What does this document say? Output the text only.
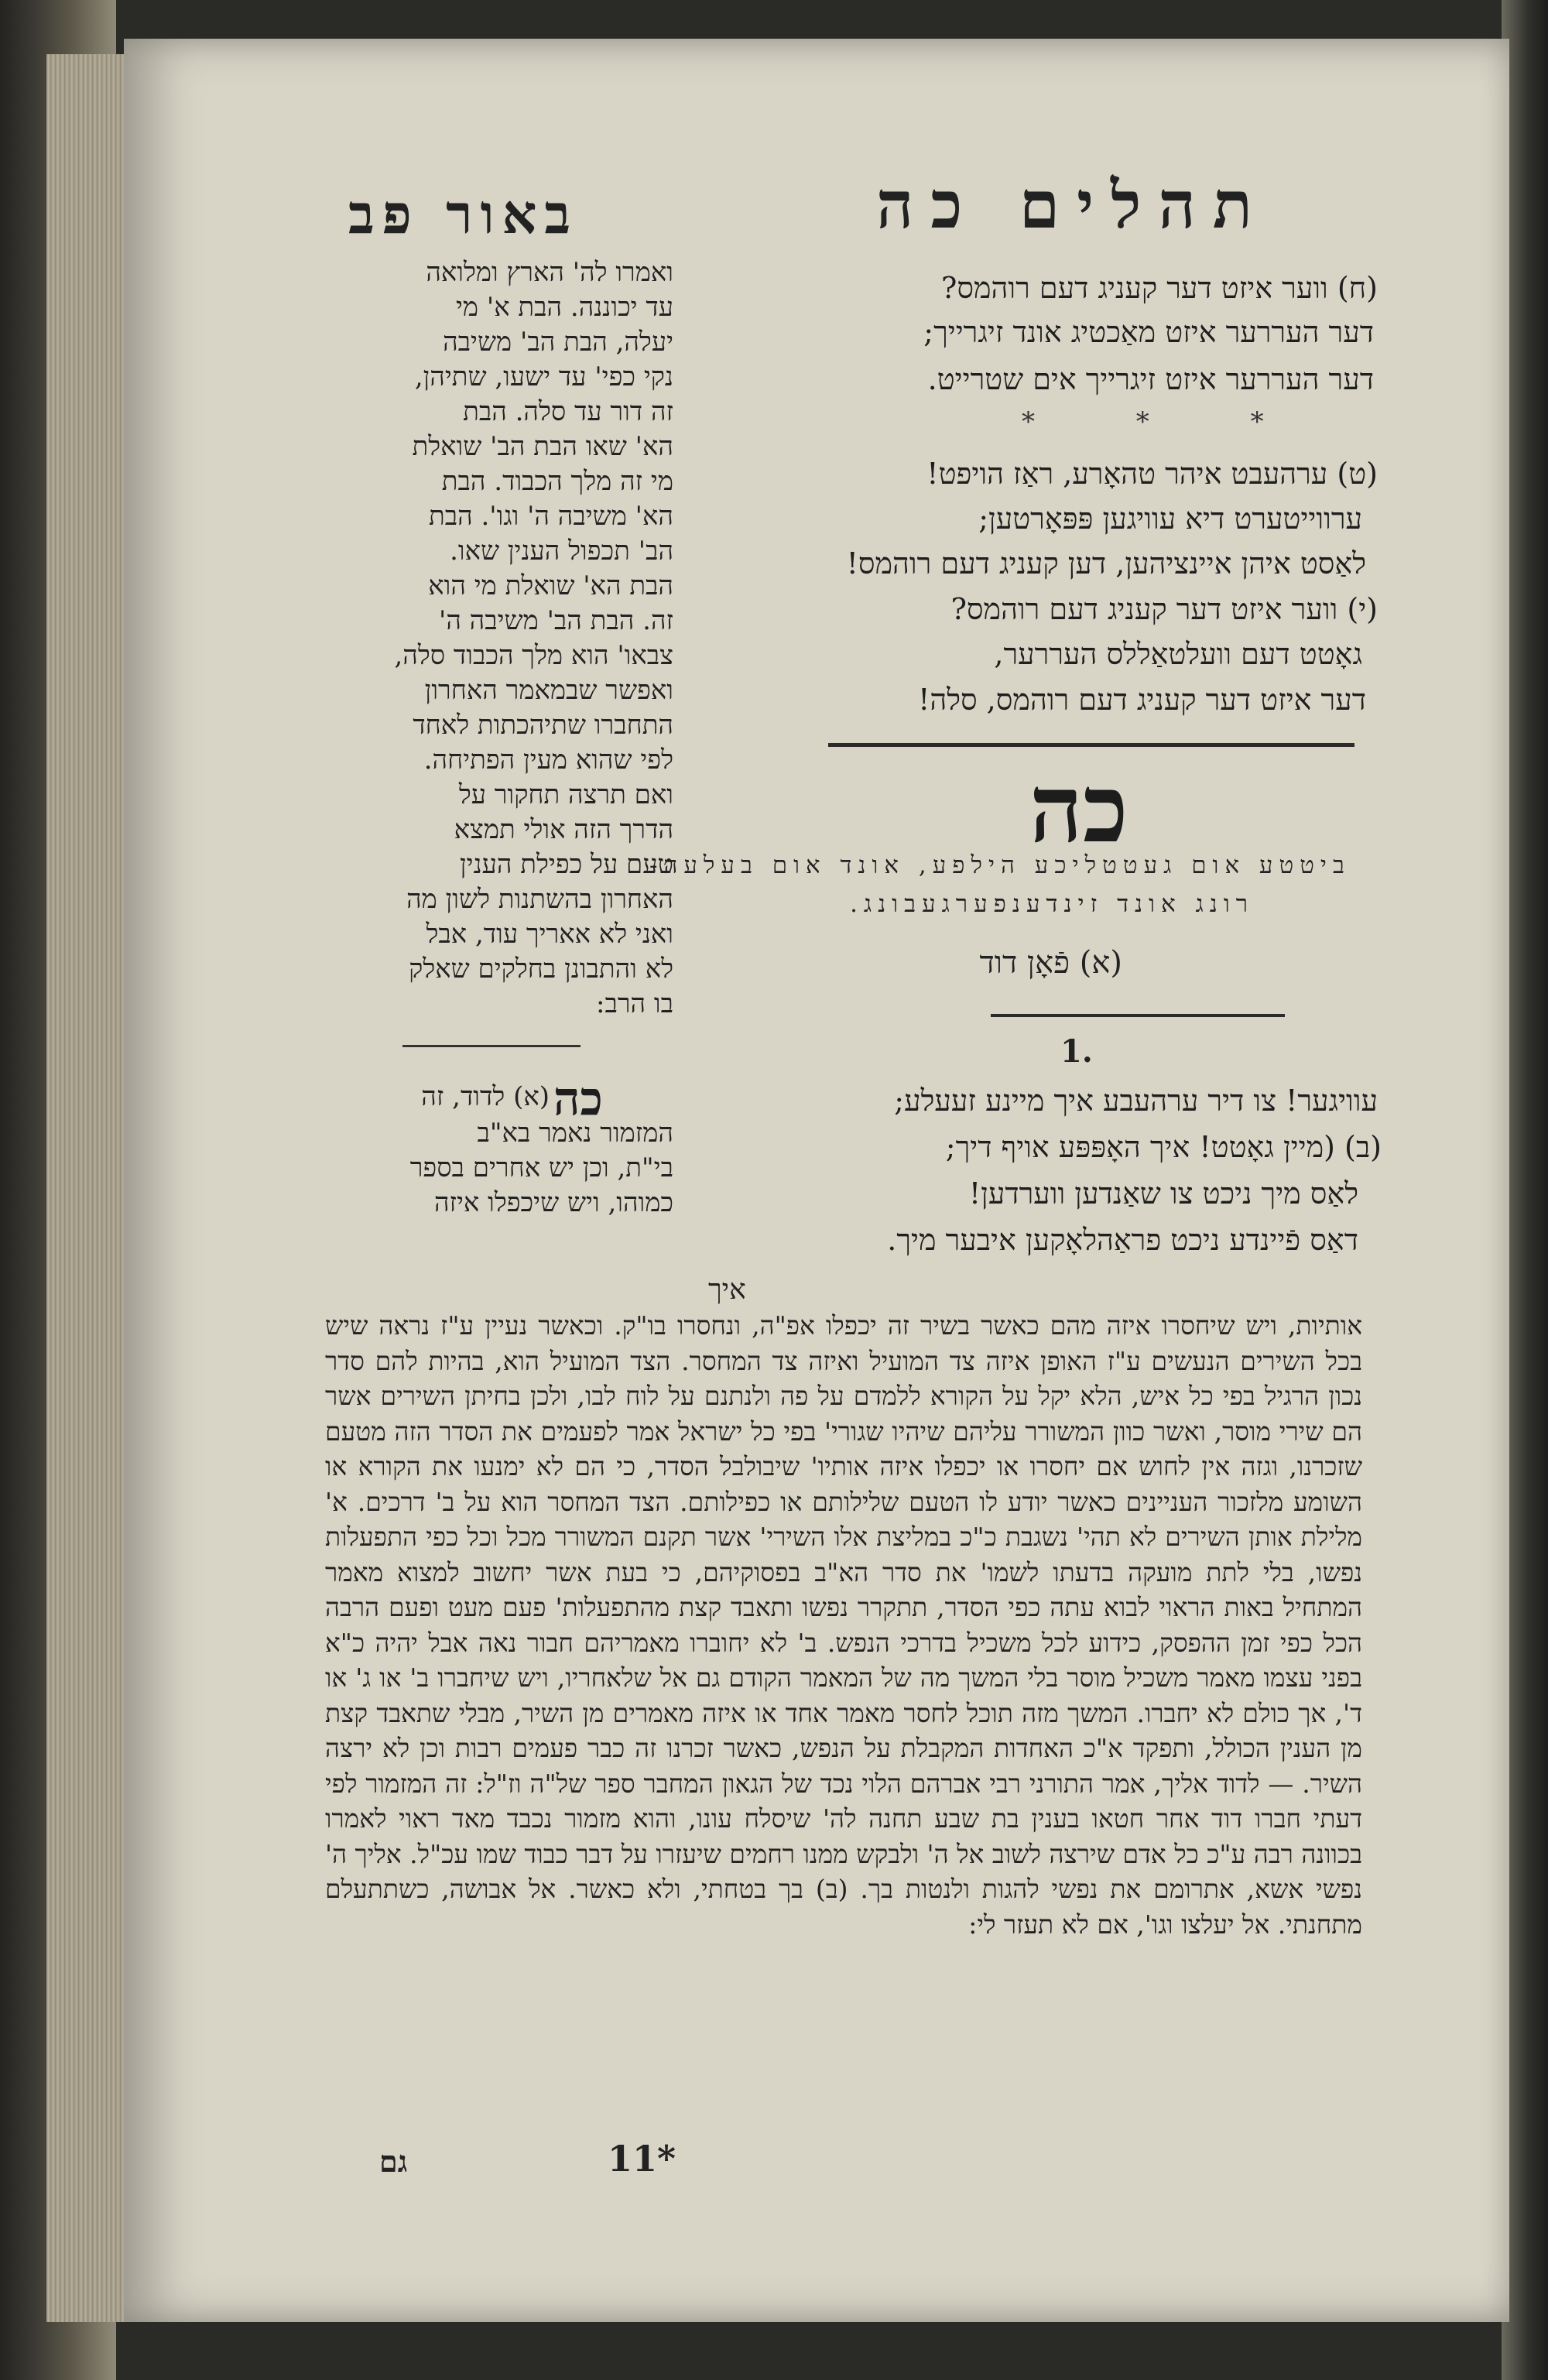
תהלים כה
באור פב
(ח) ווער איזט דער קעניג דעם רוהמס?
דער העררער איזט מאַכטיג אונד זיגרייך;
דער העררער איזט זיגרייך אים שטרייט.
* * *
(ט) ערהעבט איהר טהאָרע, ראַז הויפט!
ערווייטערט דיא עוויגען פּפּאָרטען;
לאַסט איהן איינציהען, דען קעניג דעם רוהמס!
(י) ווער איזט דער קעניג דעם רוהמס?
גאָטט דעם וועלטאַללס העררער,
דער איזט דער קעניג דעם רוהמס, סלה!
כה
ביטטע אום געטטליכע הילפע, אונד אום בעלעה-
רונג אונד זינדענפערגעבונג.
(א) פֿאָן דוד
1.
עוויגער! צו דיר ערהעבע איך מיינע זעעלע;
(ב) (מיין גאָטט! איך האָפּפּע אויף דיך;
לאַס מיך ניכט צו שאַנדען ווערדען!
דאַס פֿיינדע ניכט פראַהלאָקען איבער מיך.
איך
ואמרו לה' הארץ ומלואה
עד יכוננה. הבת א' מי
יעלה, הבת הב' משיבה
נקי כפי' עד ישעו, שתיהן,
זה דור עד סלה. הבת
הא' שאו הבת הב' שואלת
מי זה מלך הכבוד. הבת
הא' משיבה ה' וגו'. הבת
הב' תכפול הענין שאו.
הבת הא' שואלת מי הוא
זה. הבת הב' משיבה ה'
צבאו' הוא מלך הכבוד סלה,
ואפשר שבמאמר האחרון
התחברו שתיהכתות לאחד
לפי שהוא מעין הפתיחה.
ואם תרצה תחקור על
הדרך הזה אולי תמצא
טעם על כפילת הענין
האחרון בהשתנות לשון מה
ואני לא אאריך עוד, אבל
לא והתבונן בחלקים שאלק
בו הרב:
כה
(א) לדוד, זה
המזמור נאמר בא"ב
בי"ת, וכן יש אחרים בספר
כמוהו, ויש שיכפלו איזה
אותיות, ויש שיחסרו איזה מהם כאשר בשיר זה יכפלו אפ"ה, ונחסרו בו"ק. וכאשר נעיין ע"ז נראה שיש בכל השירים הנעשים ע"ז האופן איזה צד המועיל ואיזה צד המחסר. הצד המועיל הוא, בהיות להם סדר נכון הרגיל בפי כל איש, הלא יקל על הקורא ללמדם על פה ולנתנם על לוח לבו, ולכן בחיתן השירים אשר הם שירי מוסר, ואשר כוון המשורר עליהם שיהיו שגורי' בפי כל ישראל אמר לפעמים את הסדר הזה מטעם שזכרנו, וגזה אין לחוש אם יחסרו או יכפלו איזה אותיו' שיבולבל הסדר, כי הם לא ימנעו את הקורא או השומע מלזכור העניינים כאשר יודע לו הטעם שלילותם או כפילותם. הצד המחסר הוא על ב' דרכים. א' מלילת אותן השירים לא תהי' נשגבת כ"כ במליצת אלו השירי' אשר תקנם המשורר מכל וכל כפי התפעלות נפשו, בלי לתת מועקה בדעתו לשמו' את סדר הא"ב בפסוקיהם, כי בעת אשר יחשוב למצוא מאמר המתחיל באות הראוי לבוא עתה כפי הסדר, תתקרר נפשו ותאבד קצת מהתפעלות' פעם מעט ופעם הרבה הכל כפי זמן ההפסק, כידוע לכל משכיל בדרכי הנפש. ב' לא יחוברו מאמריהם חבור נאה אבל יהיה כ"א בפני עצמו מאמר משכיל מוסר בלי המשך מה של המאמר הקודם גם אל שלאחריו, ויש שיחברו ב' או ג' או ד', אך כולם לא יחברו. המשך מזה תוכל לחסר מאמר אחד או איזה מאמרים מן השיר, מבלי שתאבד קצת מן הענין הכולל, ותפקד א"כ האחדות המקבלת על הנפש, כאשר זכרנו זה כבר פעמים רבות וכן לא ירצה השיר. — לדוד אליך, אמר התורני רבי אברהם הלוי נכד של הגאון המחבר ספר של"ה וז"ל: זה המזמור לפי דעתי חברו דוד אחר חטאו בענין בת שבע תחנה לה' שיסלח עונו, והוא מזמור נכבד מאד ראוי לאמרו בכוונה רבה ע"כ כל אדם שירצה לשוב אל ה' ולבקש ממנו רחמים שיעזרו על דבר כבוד שמו עכ"ל. אליך ה' נפשי אשא, אתרומם את נפשי להגות ולנטות בך. (ב) בך בטחתי, ולא כאשר. אל אבושה, כשתתעלם מתחנתי. אל יעלצו וגו', אם לא תעזר לי:
גם	11*
